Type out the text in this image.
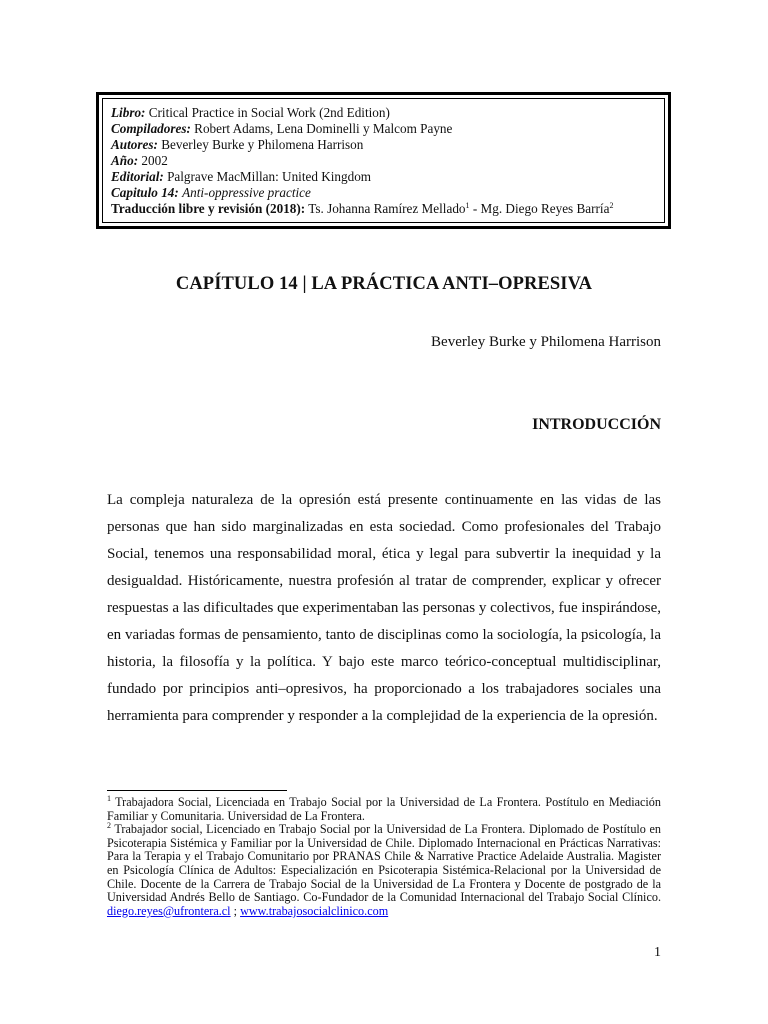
Libro: Critical Practice in Social Work (2nd Edition)
Compiladores: Robert Adams, Lena Dominelli y Malcom Payne
Autores: Beverley Burke y Philomena Harrison
Año: 2002
Editorial: Palgrave MacMillan: United Kingdom
Capitulo 14: Anti-oppressive practice
Traducción libre y revisión (2018): Ts. Johanna Ramírez Mellado$^1$ - Mg. Diego Reyes Barría$^2$
CAPÍTULO 14 | LA PRÁCTICA ANTI–OPRESIVA
Beverley Burke y Philomena Harrison
INTRODUCCIÓN
La compleja naturaleza de la opresión está presente continuamente en las vidas de las personas que han sido marginalizadas en esta sociedad. Como profesionales del Trabajo Social, tenemos una responsabilidad moral, ética y legal para subvertir la inequidad y la desigualdad. Históricamente, nuestra profesión al tratar de comprender, explicar y ofrecer respuestas a las dificultades que experimentaban las personas y colectivos, fue inspirándose, en variadas formas de pensamiento, tanto de disciplinas como la sociología, la psicología, la historia, la filosofía y la política. Y bajo este marco teórico-conceptual multidisciplinar, fundado por principios anti–opresivos, ha proporcionado a los trabajadores sociales una herramienta para comprender y responder a la complejidad de la experiencia de la opresión.

$^1$ Trabajadora Social, Licenciada en Trabajo Social por la Universidad de La Frontera. Postítulo en Mediación Familiar y Comunitaria. Universidad de La Frontera.

$^2$ Trabajador social, Licenciado en Trabajo Social por la Universidad de La Frontera. Diplomado de Postítulo en Psicoterapia Sistémica y Familiar por la Universidad de Chile. Diplomado Internacional en Prácticas Narrativas: Para la Terapia y el Trabajo Comunitario por PRANAS Chile & Narrative Practice Adelaide Australia. Magister en Psicología Clínica de Adultos: Especialización en Psicoterapia Sistémica-Relacional por la Universidad de Chile. Docente de la Carrera de Trabajo Social de la Universidad de La Frontera y Docente de postgrado de la Universidad Andrés Bello de Santiago. Co-Fundador de la Comunidad Internacional del Trabajo Social Clínico. diego.reyes@ufrontera.cl ; www.trabajosocialclinico.com

1
